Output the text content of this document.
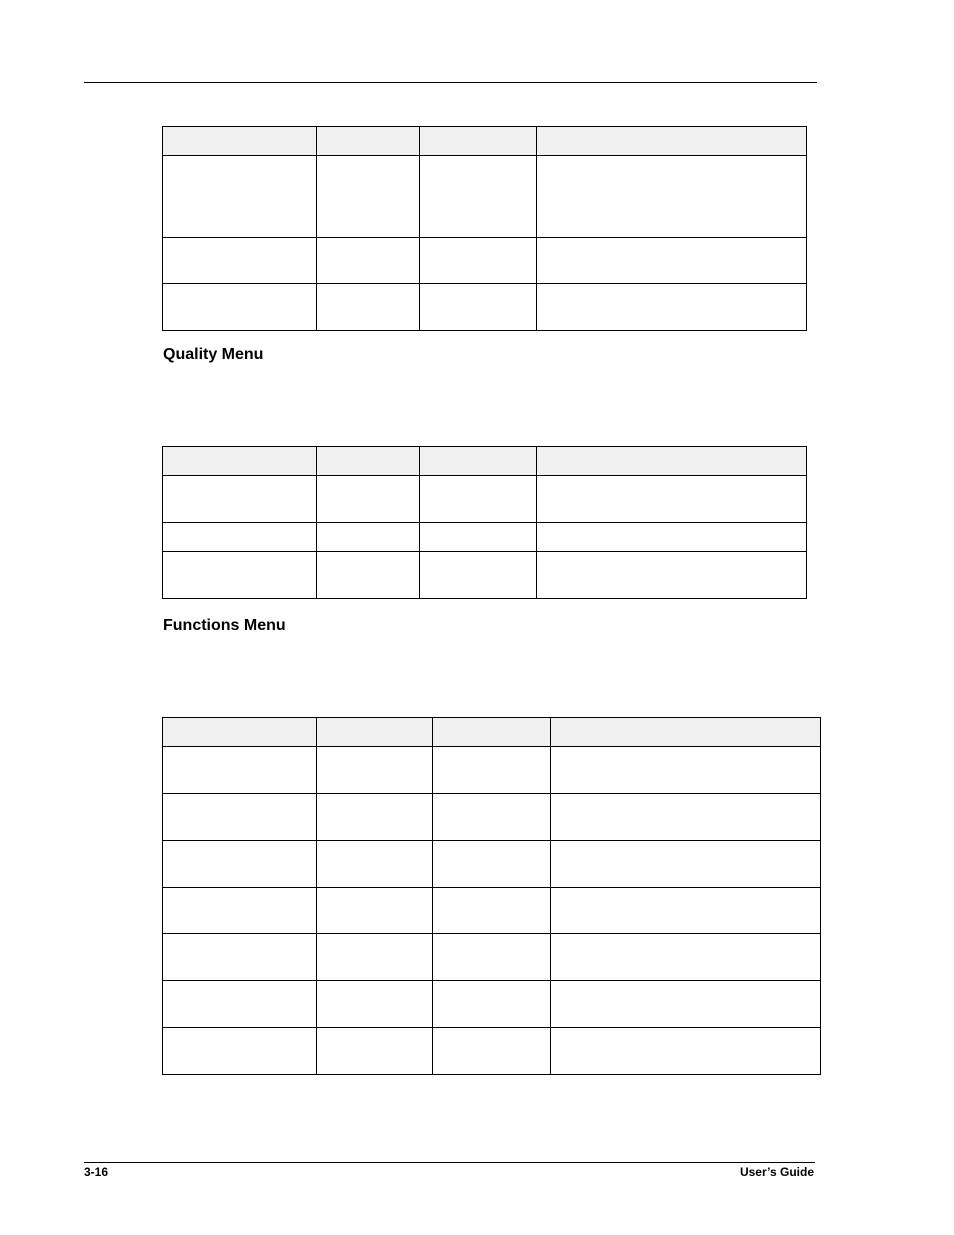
Quality Menu

Functions Menu

3-16	User’s Guide
